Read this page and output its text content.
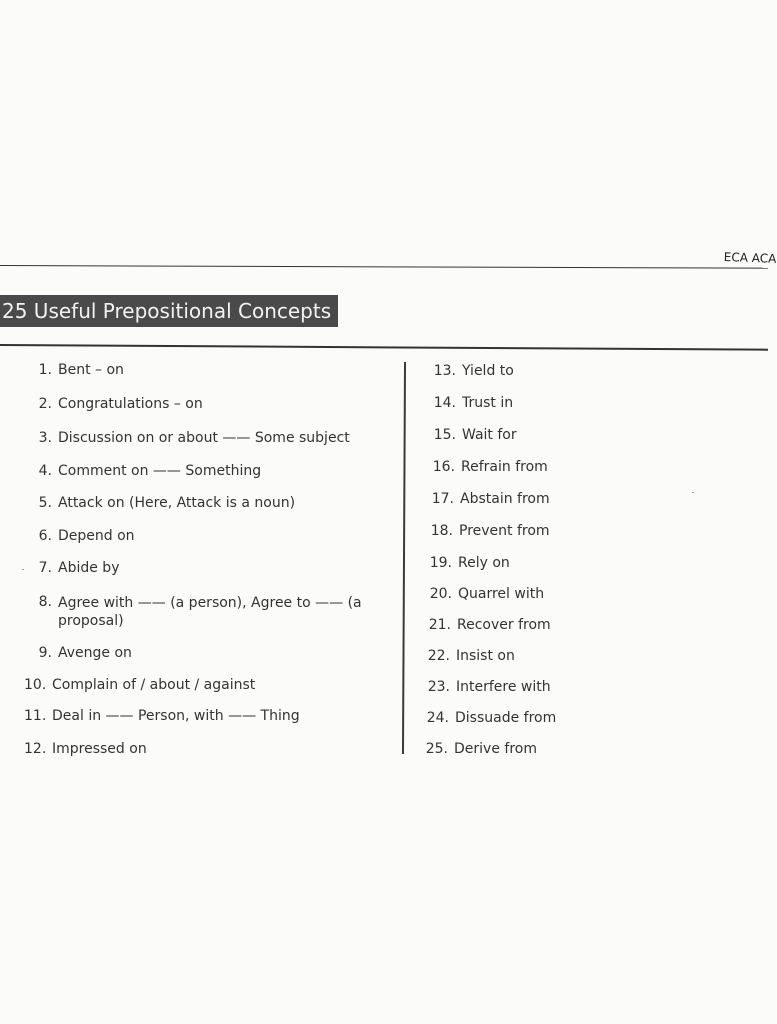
ECA ACA
25 Useful Prepositional Concepts
1. Bent – on
2. Congratulations – on
3. Discussion on or about —— Some subject
4. Comment on —— Something
5. Attack on (Here, Attack is a noun)
6. Depend on
7. Abide by
8. Agree with —— (a person), Agree to —— (a proposal)
9. Avenge on
10. Complain of / about / against
11. Deal in —— Person, with —— Thing
12. Impressed on
13. Yield to
14. Trust in
15. Wait for
16. Refrain from
17. Abstain from
18. Prevent from
19. Rely on
20. Quarrel with
21. Recover from
22. Insist on
23. Interfere with
24. Dissuade from
25. Derive from
